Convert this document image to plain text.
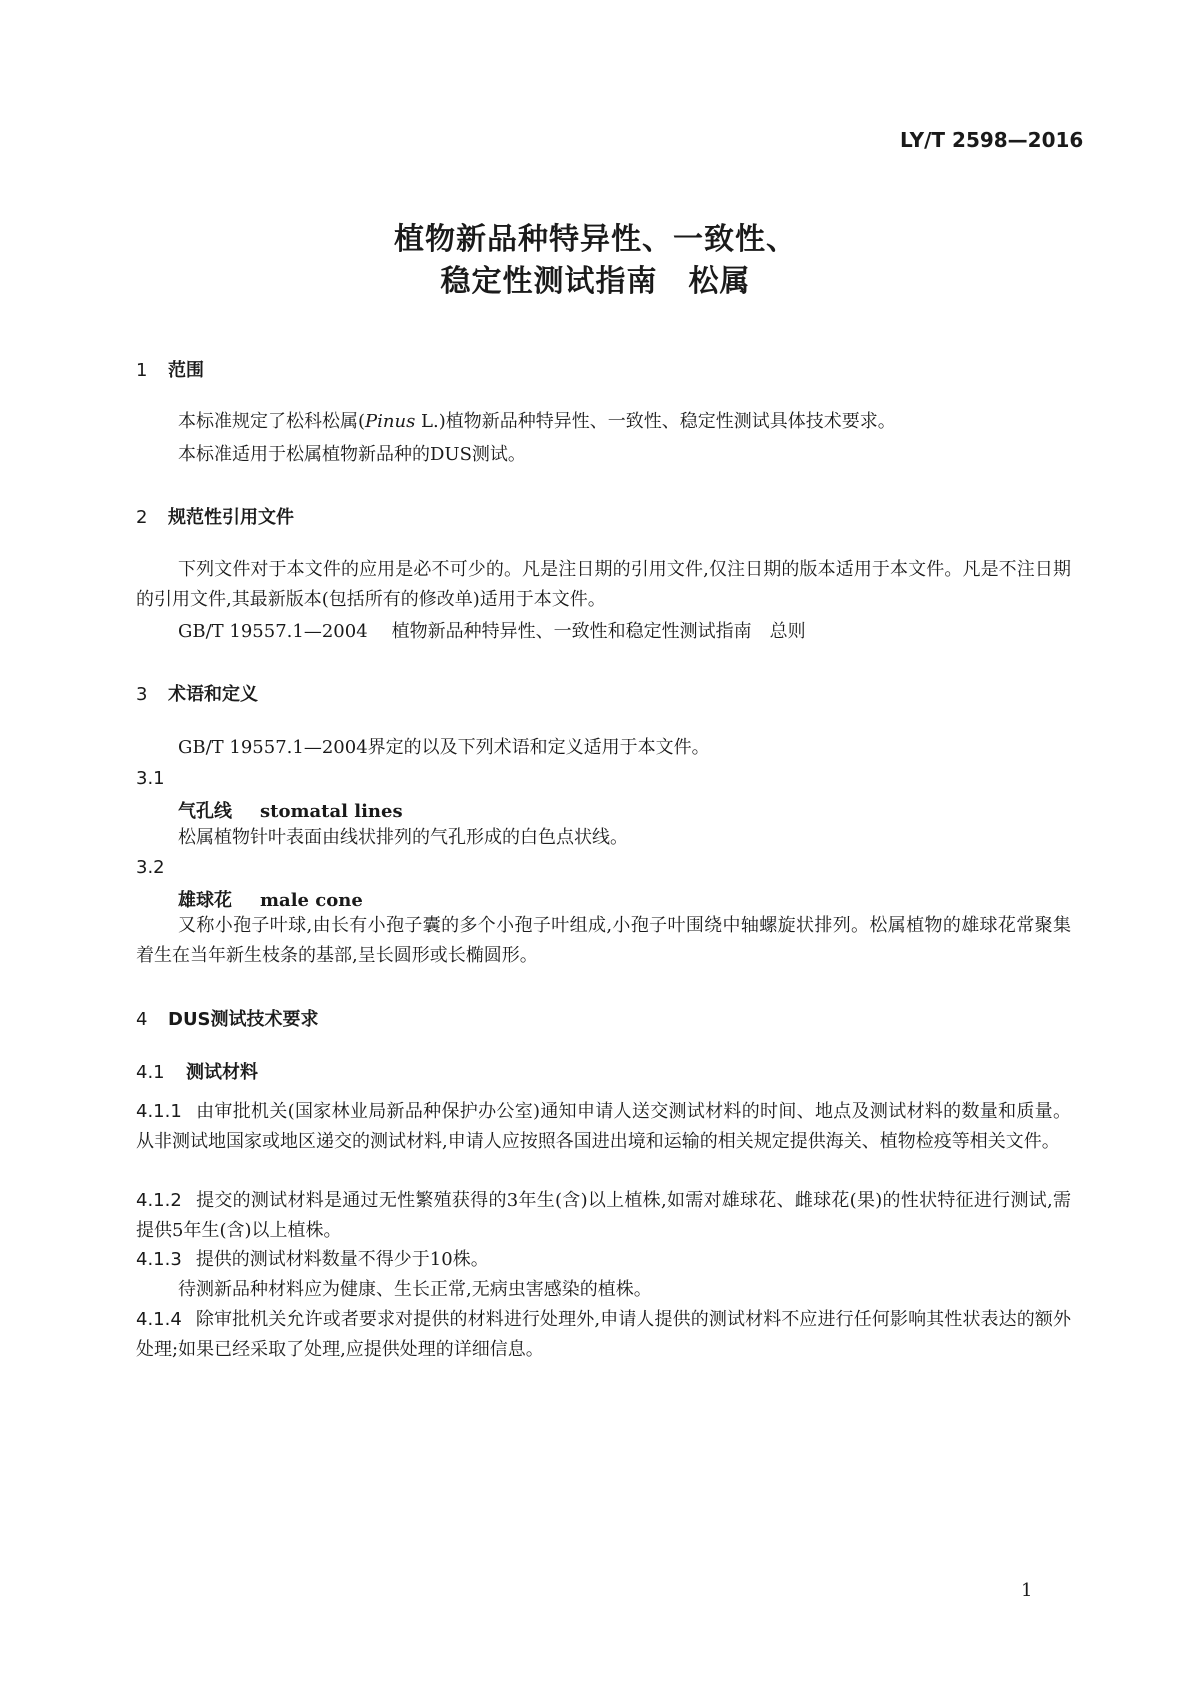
LY/T 2598—2016
植物新品种特异性、一致性、
稳定性测试指南　松属
1 范围
本标准规定了松科松属(Pinus L.)植物新品种特异性、一致性、稳定性测试具体技术要求。
本标准适用于松属植物新品种的DUS测试。
2 规范性引用文件
下列文件对于本文件的应用是必不可少的。凡是注日期的引用文件,仅注日期的版本适用于本文件。凡是不注日期的引用文件,其最新版本(包括所有的修改单)适用于本文件。
GB/T 19557.1—2004 植物新品种特异性、一致性和稳定性测试指南　总则
3 术语和定义
GB/T 19557.1—2004界定的以及下列术语和定义适用于本文件。
3.1
气孔线 stomatal lines
松属植物针叶表面由线状排列的气孔形成的白色点状线。
3.2
雄球花 male cone
又称小孢子叶球,由长有小孢子囊的多个小孢子叶组成,小孢子叶围绕中轴螺旋状排列。松属植物的雄球花常聚集着生在当年新生枝条的基部,呈长圆形或长椭圆形。
4 DUS测试技术要求
4.1 测试材料
4.1.1 由审批机关(国家林业局新品种保护办公室)通知申请人送交测试材料的时间、地点及测试材料的数量和质量。从非测试地国家或地区递交的测试材料,申请人应按照各国进出境和运输的相关规定提供海关、植物检疫等相关文件。
4.1.2 提交的测试材料是通过无性繁殖获得的3年生(含)以上植株,如需对雄球花、雌球花(果)的性状特征进行测试,需提供5年生(含)以上植株。
4.1.3 提供的测试材料数量不得少于10株。
待测新品种材料应为健康、生长正常,无病虫害感染的植株。
4.1.4 除审批机关允许或者要求对提供的材料进行处理外,申请人提供的测试材料不应进行任何影响其性状表达的额外处理;如果已经采取了处理,应提供处理的详细信息。
1
